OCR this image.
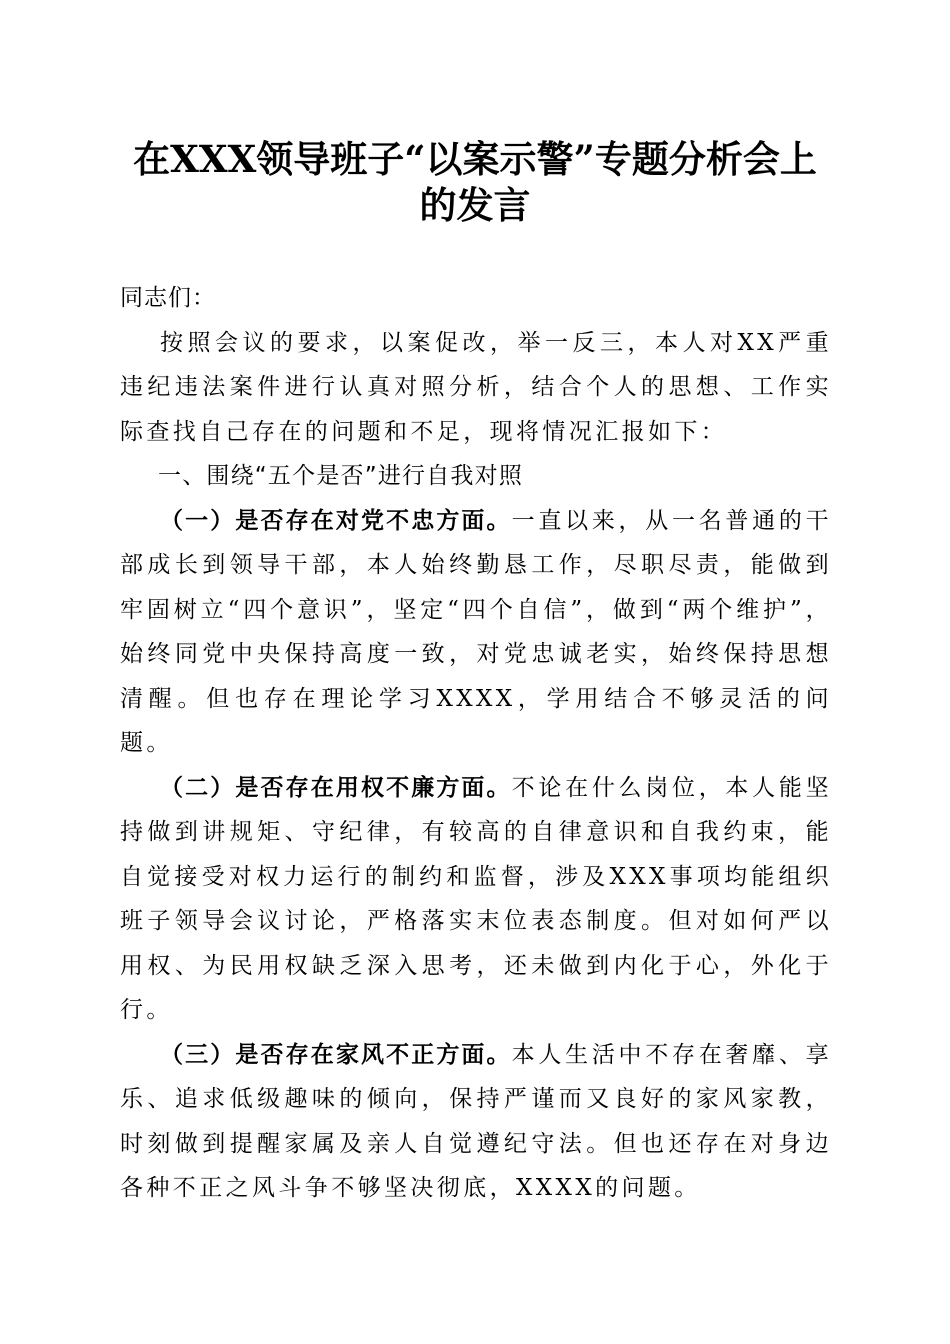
在XXX领导班子“以案示警”专题分析会上
的发言

同志们：

按照会议的要求，以案促改，举一反三，本人对XX严重违纪违法案件进行认真对照分析，结合个人的思想、工作实际查找自己存在的问题和不足，现将情况汇报如下：

一、围绕“五个是否”进行自我对照

（一）是否存在对党不忠方面。一直以来，从一名普通的干部成长到领导干部，本人始终勤恳工作，尽职尽责，能做到牢固树立“四个意识”，坚定“四个自信”，做到“两个维护”，始终同党中央保持高度一致，对党忠诚老实，始终保持思想清醒。但也存在理论学习XXXX，学用结合不够灵活的问题。

（二）是否存在用权不廉方面。不论在什么岗位，本人能坚持做到讲规矩、守纪律，有较高的自律意识和自我约束，能自觉接受对权力运行的制约和监督，涉及XXX事项均能组织班子领导会议讨论，严格落实末位表态制度。但对如何严以用权、为民用权缺乏深入思考，还未做到内化于心，外化于行。

（三）是否存在家风不正方面。本人生活中不存在奢靡、享乐、追求低级趣味的倾向，保持严谨而又良好的家风家教，时刻做到提醒家属及亲人自觉遵纪守法。但也还存在对身边各种不正之风斗争不够坚决彻底，XXXX的问题。
